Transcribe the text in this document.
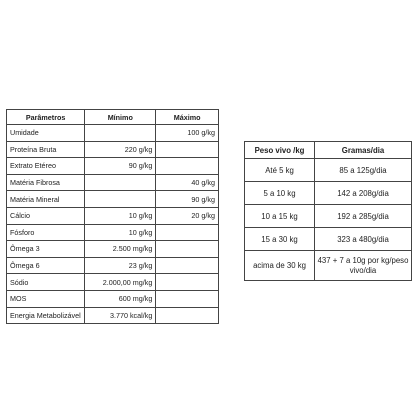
Parâmetros	Mínimo	Máximo
Umidade		100 g/kg
Proteína Bruta	220 g/kg	
Extrato Etéreo	90 g/kg	
Matéria Fibrosa		40 g/kg
Matéria Mineral		90 g/kg
Cálcio	10 g/kg	20 g/kg
Fósforo	10 g/kg	
Ômega 3	2.500 mg/kg	
Ômega 6	23 g/kg	
Sódio	2.000,00 mg/kg	
MOS	600 mg/kg	
Energia Metabolizável	3.770 kcal/kg	
Peso vivo /kg	Gramas/dia
Até 5 kg	85 a 125g/dia
5 a 10 kg	142 a 208g/dia
10 a 15 kg	192 a 285g/dia
15 a 30 kg	323 a 480g/dia
acima de 30 kg	437 + 7 a 10g por kg/peso vivo/dia
